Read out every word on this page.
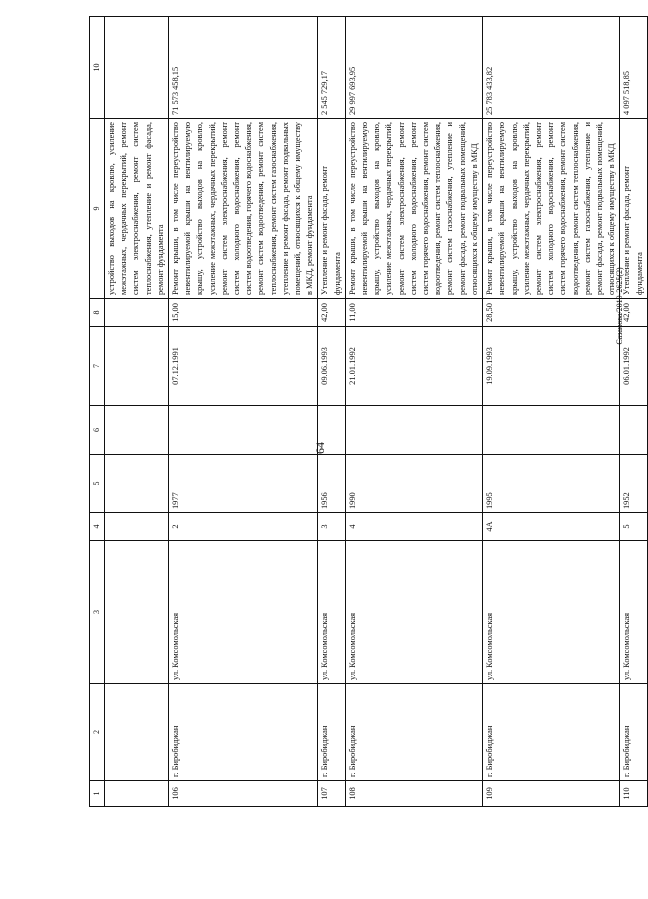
64
Сазанова/2019-2625(2)
1	2	3	4	5	6	7	8	9	10
								устройство выходов на кровлю, усиление межэтажных, чердачных перекрытий, ремонт систем электроснабжения, ремонт систем теплоснабжения, утепление и ремонт фасада, ремонт фундамента	
106	г. Биробиджан	ул. Комсомольская	2	1977		07.12.1991	15,00	Ремонт крыши, в том числе переустройство невентилируемой крыши на вентилируемую крышу, устройство выходов на кровлю, усиление межэтажных, чердачных перекрытий, ремонт систем электроснабжения, ремонт систем холодного водоснабжения, ремонт систем водоотведения, горячего водоснабжения, ремонт систем водоотведения, ремонт систем теплоснабжения, ремонт систем газоснабжения, утепление и ремонт фасада, ремонт подвальных помещений, относящихся к общему имуществу в МКД, ремонт фундамента	71 573 458,15
107	г. Биробиджан	ул. Комсомольская	3	1956		09.06.1993	42,00	Утепление и ремонт фасада, ремонт фундамента	2 545 729,17
108	г. Биробиджан	ул. Комсомольская	4	1990		21.01.1992	11,00	Ремонт крыши, в том числе переустройство невентилируемой крыши на вентилируемую крышу, устройство выходов на кровлю, усиление межэтажных, чердачных перекрытий, ремонт систем электроснабжения, ремонт систем холодного водоснабжения, ремонт систем горячего водоснабжения, ремонт систем водоотведения, ремонт систем теплоснабжения, ремонт систем газоснабжения, утепление и ремонт фасада, ремонт подвальных помещений, относящихся к общему имуществу в МКД	29 997 693,95
109	г. Биробиджан	ул. Комсомольская	4А	1995		19.09.1993	28,50	Ремонт крыши, в том числе переустройство невентилируемой крыши на вентилируемую крышу, устройство выходов на кровлю, усиление межэтажных, чердачных перекрытий, ремонт систем электроснабжения, ремонт систем холодного водоснабжения, ремонт систем горячего водоснабжения, ремонт систем водоотведения, ремонт систем теплоснабжения, ремонт систем газоснабжения, утепление и ремонт фасада, ремонт подвальных помещений, относящихся к общему имуществу в МКД	25 783 433,82
110	г. Биробиджан	ул. Комсомольская	5	1952		06.01.1992	42,00	Утепление и ремонт фасада, ремонт фундамента	4 097 518,85
